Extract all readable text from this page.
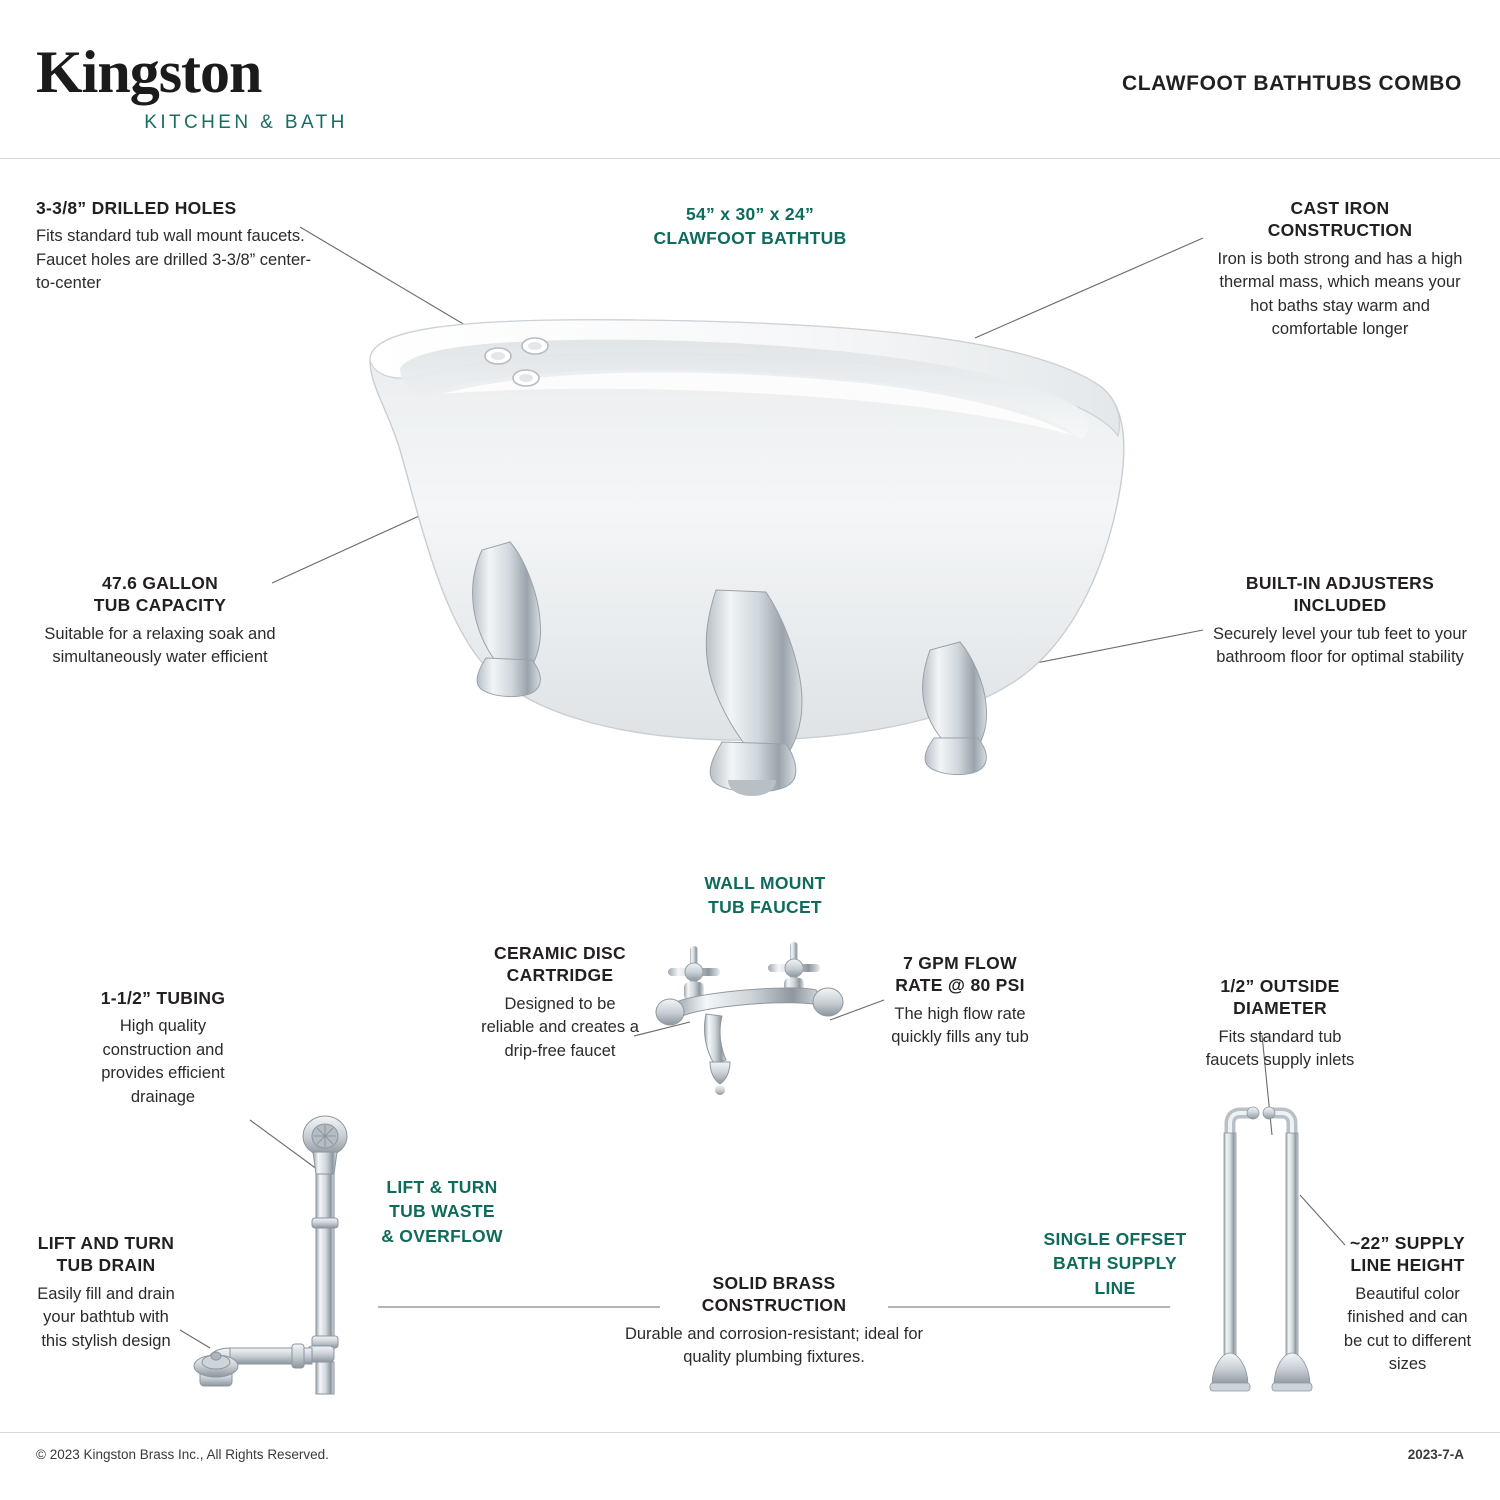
Kingston
KITCHEN & BATH
CLAWFOOT BATHTUBS COMBO
3-3/8” DRILLED HOLES
Fits standard tub wall mount faucets. Faucet holes are drilled 3-3/8” center-to-center
54” x 30” x 24”
CLAWFOOT BATHTUB
CAST IRON
CONSTRUCTION
Iron is both strong and has a high thermal mass, which means your hot baths stay warm and comfortable longer
47.6 GALLON
TUB CAPACITY
Suitable for a relaxing soak and simultaneously water efficient
BUILT-IN ADJUSTERS
INCLUDED
Securely level your tub feet to your bathroom floor for optimal stability
WALL MOUNT
TUB FAUCET
CERAMIC DISC
CARTRIDGE
Designed to be reliable and creates a drip-free faucet
7 GPM FLOW
RATE @ 80 PSI
The high flow rate quickly fills any tub
LIFT & TURN
TUB WASTE
& OVERFLOW
1-1/2” TUBING
High quality construction and provides efficient drainage
LIFT AND TURN
TUB DRAIN
Easily fill and drain your bathtub with this stylish design
SINGLE OFFSET
BATH SUPPLY
LINE
1/2” OUTSIDE
DIAMETER
Fits standard tub faucets supply inlets
~22” SUPPLY
LINE HEIGHT
Beautiful color finished and can be cut to different sizes
SOLID BRASS
CONSTRUCTION
Durable and corrosion-resistant; ideal for quality plumbing fixtures.
© 2023 Kingston Brass Inc., All Rights Reserved.	2023-7-A
